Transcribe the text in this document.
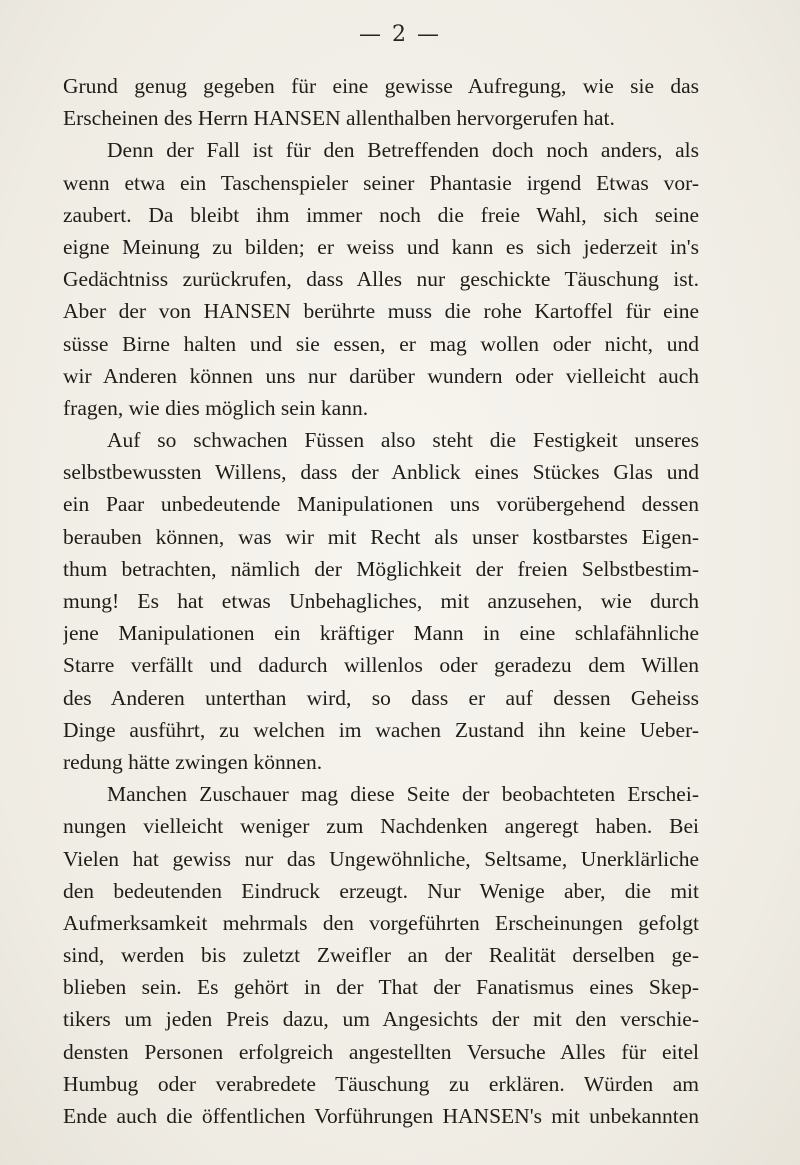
— 2 —
Grund genug gegeben für eine gewisse Aufregung, wie sie das
Erscheinen des Herrn HANSEN allenthalben hervorgerufen hat.
Denn der Fall ist für den Betreffenden doch noch anders, als
wenn etwa ein Taschenspieler seiner Phantasie irgend Etwas vor-
zaubert. Da bleibt ihm immer noch die freie Wahl, sich seine
eigne Meinung zu bilden; er weiss und kann es sich jederzeit in's
Gedächtniss zurückrufen, dass Alles nur geschickte Täuschung ist.
Aber der von HANSEN berührte muss die rohe Kartoffel für eine
süsse Birne halten und sie essen, er mag wollen oder nicht, und
wir Anderen können uns nur darüber wundern oder vielleicht auch
fragen, wie dies möglich sein kann.
Auf so schwachen Füssen also steht die Festigkeit unseres
selbstbewussten Willens, dass der Anblick eines Stückes Glas und
ein Paar unbedeutende Manipulationen uns vorübergehend dessen
berauben können, was wir mit Recht als unser kostbarstes Eigen-
thum betrachten, nämlich der Möglichkeit der freien Selbstbestim-
mung! Es hat etwas Unbehagliches, mit anzusehen, wie durch
jene Manipulationen ein kräftiger Mann in eine schlafähnliche
Starre verfällt und dadurch willenlos oder geradezu dem Willen
des Anderen unterthan wird, so dass er auf dessen Geheiss
Dinge ausführt, zu welchen im wachen Zustand ihn keine Ueber-
redung hätte zwingen können.
Manchen Zuschauer mag diese Seite der beobachteten Erschei-
nungen vielleicht weniger zum Nachdenken angeregt haben. Bei
Vielen hat gewiss nur das Ungewöhnliche, Seltsame, Unerklärliche
den bedeutenden Eindruck erzeugt. Nur Wenige aber, die mit
Aufmerksamkeit mehrmals den vorgeführten Erscheinungen gefolgt
sind, werden bis zuletzt Zweifler an der Realität derselben ge-
blieben sein. Es gehört in der That der Fanatismus eines Skep-
tikers um jeden Preis dazu, um Angesichts der mit den verschie-
densten Personen erfolgreich angestellten Versuche Alles für eitel
Humbug oder verabredete Täuschung zu erklären. Würden am
Ende auch die öffentlichen Vorführungen HANSEN's mit unbekannten
